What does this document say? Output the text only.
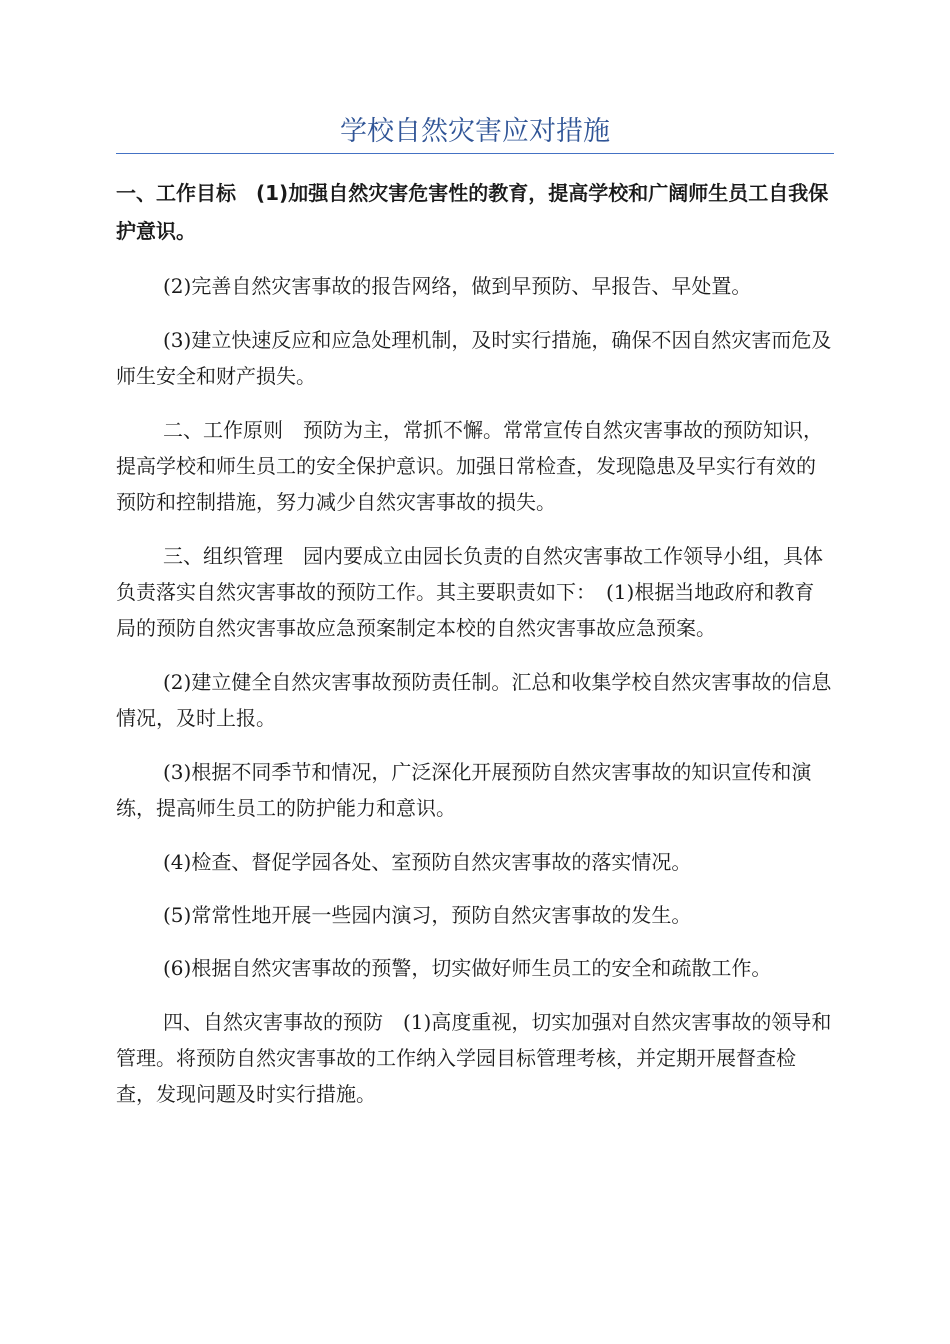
学校自然灾害应对措施

一、工作目标　(1)加强自然灾害危害性的教育，提高学校和广阔师生员工自我保护意识。

(2)完善自然灾害事故的报告网络，做到早预防、早报告、早处置。

(3)建立快速反应和应急处理机制，及时实行措施，确保不因自然灾害而危及师生安全和财产损失。

二、工作原则　预防为主，常抓不懈。常常宣传自然灾害事故的预防知识，提高学校和师生员工的安全保护意识。加强日常检查，发现隐患及早实行有效的预防和控制措施，努力减少自然灾害事故的损失。

三、组织管理　园内要成立由园长负责的自然灾害事故工作领导小组，具体负责落实自然灾害事故的预防工作。其主要职责如下：　(1)根据当地政府和教育局的预防自然灾害事故应急预案制定本校的自然灾害事故应急预案。

(2)建立健全自然灾害事故预防责任制。汇总和收集学校自然灾害事故的信息情况，及时上报。

(3)根据不同季节和情况，广泛深化开展预防自然灾害事故的知识宣传和演练，提高师生员工的防护能力和意识。

(4)检查、督促学园各处、室预防自然灾害事故的落实情况。

(5)常常性地开展一些园内演习，预防自然灾害事故的发生。

(6)根据自然灾害事故的预警，切实做好师生员工的安全和疏散工作。

四、自然灾害事故的预防　(1)高度重视，切实加强对自然灾害事故的领导和管理。将预防自然灾害事故的工作纳入学园目标管理考核，并定期开展督查检查，发现问题及时实行措施。
